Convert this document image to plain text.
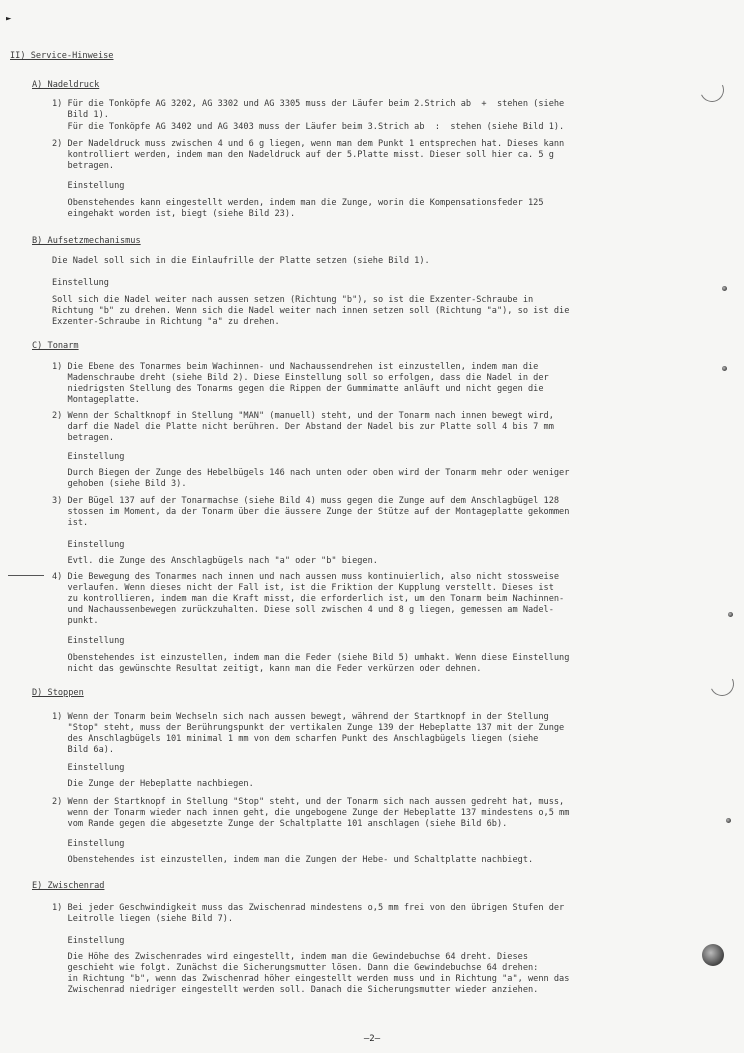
►
II) Service-Hinweise
A) Nadeldruck
1) Für die Tonköpfe AG 3202, AG 3302 und AG 3305 muss der Läufer beim 2.Strich ab  +  stehen (siehe
Bild 1).
Für die Tonköpfe AG 3402 und AG 3403 muss der Läufer beim 3.Strich ab  :  stehen (siehe Bild 1).
2) Der Nadeldruck muss zwischen 4 und 6 g liegen, wenn man dem Punkt 1 entsprechen hat. Dieses kann
kontrolliert werden, indem man den Nadeldruck auf der 5.Platte misst. Dieser soll hier ca. 5 g
betragen.
Einstellung
Obenstehendes kann eingestellt werden, indem man die Zunge, worin die Kompensationsfeder 125
eingehakt worden ist, biegt (siehe Bild 23).
B) Aufsetzmechanismus
Die Nadel soll sich in die Einlaufrille der Platte setzen (siehe Bild 1).
Einstellung
Soll sich die Nadel weiter nach aussen setzen (Richtung "b"), so ist die Exzenter-Schraube in
Richtung "b" zu drehen. Wenn sich die Nadel weiter nach innen setzen soll (Richtung "a"), so ist die
Exzenter-Schraube in Richtung "a" zu drehen.
C) Tonarm
1) Die Ebene des Tonarmes beim Wachinnen- und Nachaussendrehen ist einzustellen, indem man die
Madenschraube dreht (siehe Bild 2). Diese Einstellung soll so erfolgen, dass die Nadel in der
niedrigsten Stellung des Tonarms gegen die Rippen der Gummimatte anläuft und nicht gegen die
Montageplatte.
2) Wenn der Schaltknopf in Stellung "MAN" (manuell) steht, und der Tonarm nach innen bewegt wird,
darf die Nadel die Platte nicht berühren. Der Abstand der Nadel bis zur Platte soll 4 bis 7 mm
betragen.
Einstellung
Durch Biegen der Zunge des Hebelbügels 146 nach unten oder oben wird der Tonarm mehr oder weniger
gehoben (siehe Bild 3).
3) Der Bügel 137 auf der Tonarmachse (siehe Bild 4) muss gegen die Zunge auf dem Anschlagbügel 128
stossen im Moment, da der Tonarm über die äussere Zunge der Stütze auf der Montageplatte gekommen
ist.
Einstellung
Evtl. die Zunge des Anschlagbügels nach "a" oder "b" biegen.
4) Die Bewegung des Tonarmes nach innen und nach aussen muss kontinuierlich, also nicht stossweise
verlaufen. Wenn dieses nicht der Fall ist, ist die Friktion der Kupplung verstellt. Dieses ist
zu kontrollieren, indem man die Kraft misst, die erforderlich ist, um den Tonarm beim Nachinnen-
und Nachaussenbewegen zurückzuhalten. Diese soll zwischen 4 und 8 g liegen, gemessen am Nadel-
punkt.
Einstellung
Obenstehendes ist einzustellen, indem man die Feder (siehe Bild 5) umhakt. Wenn diese Einstellung
nicht das gewünschte Resultat zeitigt, kann man die Feder verkürzen oder dehnen.
D) Stoppen
1) Wenn der Tonarm beim Wechseln sich nach aussen bewegt, während der Startknopf in der Stellung
"Stop" steht, muss der Berührungspunkt der vertikalen Zunge 139 der Hebeplatte 137 mit der Zunge
des Anschlagbügels 101 minimal 1 mm von dem scharfen Punkt des Anschlagbügels liegen (siehe
Bild 6a).
Einstellung
Die Zunge der Hebeplatte nachbiegen.
2) Wenn der Startknopf in Stellung "Stop" steht, und der Tonarm sich nach aussen gedreht hat, muss,
wenn der Tonarm wieder nach innen geht, die ungebogene Zunge der Hebeplatte 137 mindestens o,5 mm
vom Rande gegen die abgesetzte Zunge der Schaltplatte 101 anschlagen (siehe Bild 6b).
Einstellung
Obenstehendes ist einzustellen, indem man die Zungen der Hebe- und Schaltplatte nachbiegt.
E) Zwischenrad
1) Bei jeder Geschwindigkeit muss das Zwischenrad mindestens o,5 mm frei von den übrigen Stufen der
Leitrolle liegen (siehe Bild 7).
Einstellung
Die Höhe des Zwischenrades wird eingestellt, indem man die Gewindebuchse 64 dreht. Dieses
geschieht wie folgt. Zunächst die Sicherungsmutter lösen. Dann die Gewindebuchse 64 drehen:
in Richtung "b", wenn das Zwischenrad höher eingestellt werden muss und in Richtung "a", wenn das
Zwischenrad niedriger eingestellt werden soll. Danach die Sicherungsmutter wieder anziehen.
—2—
